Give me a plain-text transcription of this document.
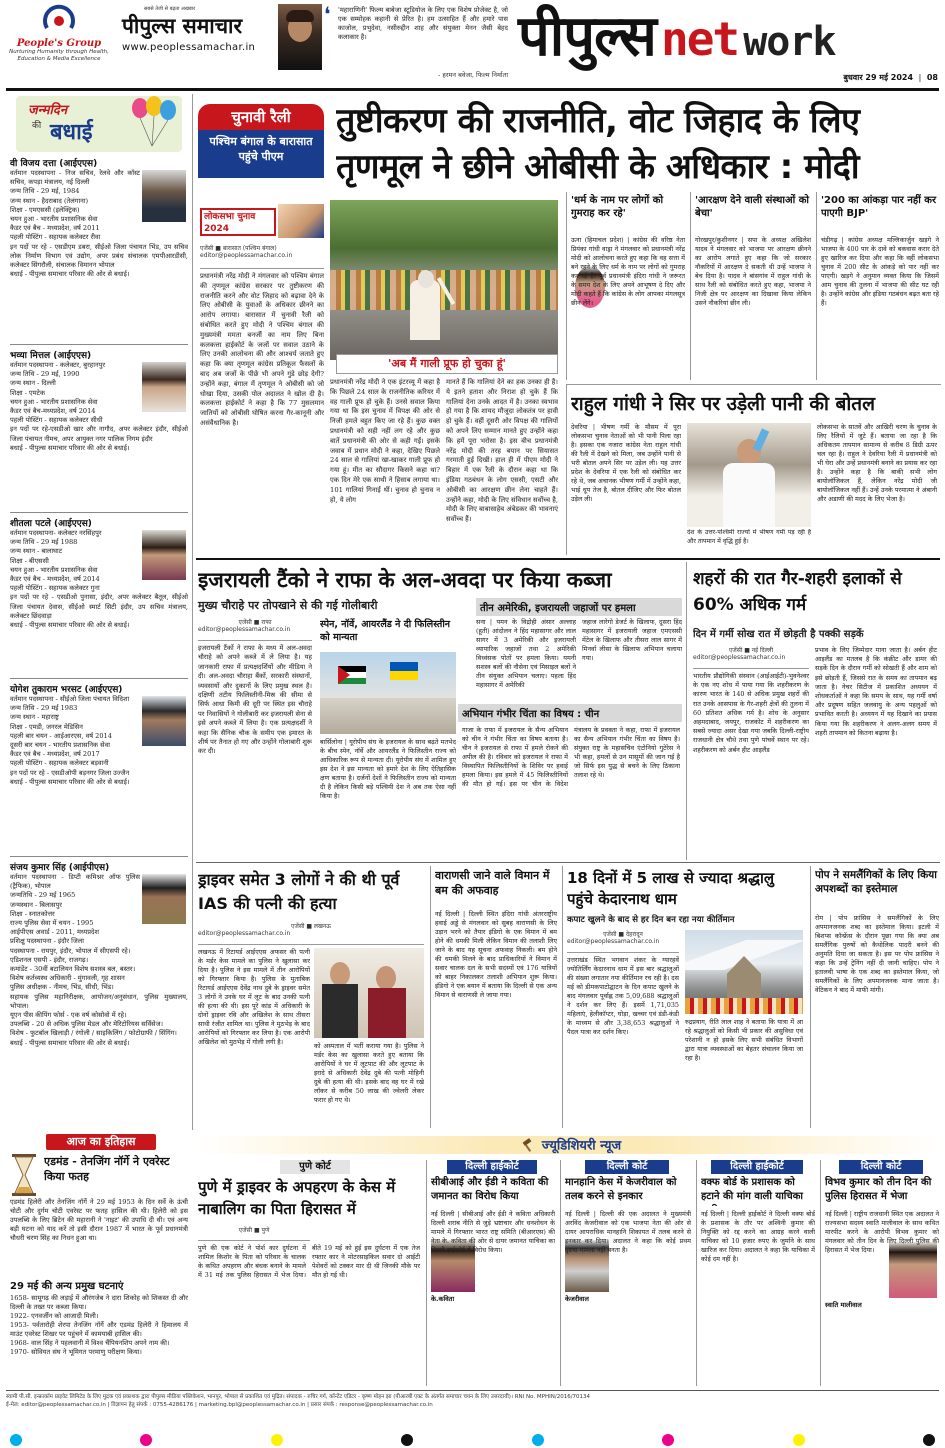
People's Group
Nurturing Humanity through Health, Education & Media Excellence
सबसे तेजी से बढ़ता अखबार
पीपुल्स समाचार
www.peoplessamachar.in
❛ 'महाराणिनी' फिल्म बाबेजा स्टूडियोज के लिए एक विशेष प्रोजेक्ट है, जो एक सम्मोहक कहानी से प्रेरित है। हम उत्साहित हैं और हमारे पास काजोल, प्रभुदेवा, नसीरुद्दीन शाह और संयुक्ता मेनन जैसी बेहद कलाकार है।
- हरमन बवेजा, फिल्म निर्माता
पीपुल्स net work
बुधवार 29 मई 2024 | 08
जन्मदिन
की बधाई
वी विजय दत्ता (आईएएस)
वर्तमान पदस्थापना - निज सचिव, रेलवे और कॉस्ट सचिव, कपड़ा मंत्रालय, नई दिल्ली
जन्म तिथि - 29 मई, 1984
जन्म स्थान - हैदराबाद (तेलंगाना)
शिक्षा - एमएससी (इलेक्ट्रिक)
चयन हुआ - भारतीय प्रशासनिक सेवा
कैडर एवं बैच - मध्यप्रदेश, वर्ष 2011
पहली पोस्टिंग - सहायक कलेक्टर रीवा
इन पदों पर रहे - एसडीएम डबरा, सीईओ जिला पंचायत भिंड, उप सचिव लोक निर्माण विभाग एवं उद्योग, अपर प्रबंध संचालक एमपीआरडीसी, कलेक्टर सिंगरौली, संचालक विमानन भोपाल
बधाई - पीपुल्स समाचार परिवार की ओर से बधाई।
भव्या मित्तल (आईएएस)
वर्तमान पदस्थापना - कलेक्टर, बुरहानपुर
जन्म तिथि - 29 मई, 1990
जन्म स्थान - दिल्ली
शिक्षा - एमटेक
चयन हुआ - भारतीय प्रशासनिक सेवा
कैडर एवं बैच-मध्यप्रदेश, वर्ष 2014
पहली पोस्टिंग - सहायक कलेक्टर सीधी
इन पदों पर रहे-एसडीओ खार और नागौद, अपर कलेक्टर इंदौर, सीईओ जिला पंचायत नीमच, अपर आयुक्त नगर पालिक निगम इंदौर
बधाई - पीपुल्स समाचार परिवार की ओर से बधाई।
शीतला पटले (आईएएस)
वर्तमान पदस्थापना- कलेक्टर नरसिंहपुर
जन्म तिथि - 29 मई 1988
जन्म स्थान - बालाघाट
शिक्षा - बीएससी
चयन हुआ - भारतीय प्रशासनिक सेवा
कैडर एवं बैच - मध्यप्रदेश, वर्ष 2014
पहली पोस्टिंग - सहायक कलेक्टर गुना
इन पदों पर रहे - एसडीओ पुनासा, इंदौर, अपर कलेक्टर बैतूल, सीईओ जिला पंचायत देवास, सीईओ स्मार्ट सिटी इंदौर, उप सचिव मंत्रालय, कलेक्टर छिंदवाड़ा
बधाई - पीपुल्स समाचार परिवार की ओर से बधाई।
योगेश तुकाराम भरसट (आईएएस)
वर्तमान पदस्थापना - सीईओ जिला पंचायत विदिशा
जन्म तिथि - 29 मई 1983
जन्म स्थान - महाराष्ट्र
शिक्षा - एमडी, जनरल मेडिसिन
पहली बार चयन - आईआरएस, वर्ष 2014
दूसरी बार चयन - भारतीय प्रशासनिक सेवा
कैडर एवं बैच - मध्यप्रदेश, वर्ष 2017
पहली पोस्टिंग - सहायक कलेक्टर बड़वानी
इन पदों पर रहे - एसडीओपी बड़नगर जिला उज्जैन
बधाई - पीपुल्स समाचार परिवार की ओर से बधाई।
संजय कुमार सिंह (आईपीएस)
वर्तमान पदस्थापना - डिप्टी कमिश्नर ऑफ पुलिस (ट्रैफिक), भोपाल
जन्मतिथि - 29 मई 1965
जन्मस्थान - बिलासपुर
शिक्षा - स्नातकोत्तर
राज्य पुलिस सेवा में चयन - 1995
आईपीएस अवार्ड - 2011, मध्यप्रदेश
प्रशिक्षु पदस्थापना - इंदौर जिला
पदस्थापना - रायपुर, इंदौर, भोपाल में सीएसपी रहे।
एडिशनल एसपी - इंदौर, राजगढ़।
कमांडेंट - 30वीं बटालियन विशेष सशस्त्र बल, बस्तर।
विशेष कर्तव्यस्थ अधिकारी - मुंगावली, गृह शासन
पुलिस अधीक्षक - नीमच, भिंड, सीधी, भिंड।
सहायक पुलिस महानिरीक्षक, आयोजन/अनुसंधान, पुलिस मुख्यालय, भोपाल।
यूएन पीस कीपिंग फोर्स - एक वर्ष कोसोवो में रहे।
उपलब्धि - 20 से अधिक पुलिस मेडल और मेरिटोरियस सर्विसेज।
विशेष - फुटबॉल खिलाड़ी / रंगोली / साइकिलिंग / फोटोग्राफी / सिंगिंग।
बधाई - पीपुल्स समाचार परिवार की ओर से बधाई।
आज का इतिहास
एडमंड - तेनजिंग नॉर्गे ने एवरेस्ट किया फतह
एडमंड हिलेरी और तेनजिंग नॉर्गे ने 29 मई 1953 के दिन सर्वे के ऊंची चोटी और दुर्गम चोटी एवरेस्ट पर फतह हासिल की थी। हिलेरी को इस उपलब्धि के लिए ब्रिटेन की महारानी ने 'नाइट' की उपाधि दी थी। एवं अन्य बड़ी घटना को याद करें तो इसी दौरान 1987 में भारत के पूर्व प्रधानमंत्री चौधरी चरण सिंह का निधन हुआ था।
29 मई की अन्य प्रमुख घटनाएं
1658- सामूगढ़ की लड़ाई में औरंगजेब ने दारा शिकोह को शिकस्त दी और दिल्ली के तख्त पर कब्जा किया।
1922- एनवर्जीन को आजादी मिली।
1953- पर्वतारोही शेरपा तेनजिंग नॉर्गे और एडमंड हिलेरी ने हिमालय में माउंट एवरेस्ट शिखर पर पहुंचने में कामयाबी हासिल की।
1968- वाल सिंह ने पहलवानी में विश्व चैंपियनशिप अपने नाम की।
1970- सोवियत संघ ने भूमिगत परमाणु परीक्षण किया।
चुनावी रैली
पश्चिम बंगाल के बारासात पहुंचे पीएम
लोकसभा चुनाव 2024
तुष्टीकरण की राजनीति, वोट जिहाद के लिए तृणमूल ने छीने ओबीसी के अधिकार : मोदी
एजेंसी ■ बारासात (पश्चिम बंगाल)
editor@peoplessamachar.co.in
प्रधानमंत्री नरेंद्र मोदी ने मंगलवार को पश्चिम बंगाल की तृणमूल कांग्रेस सरकार पर तुष्टीकरण की राजनीति करने और वोट जिहाद को बढ़ावा देने के लिए ओबीसी के युवाओं के अधिकार छीनने का आरोप लगाया। बारासात में चुनावी रैली को संबोधित करते हुए मोदी ने पश्चिम बंगाल की मुख्यमंत्री ममता बनर्जी का नाम लिए बिना कलकत्ता हाईकोर्ट के जजों पर सवाल उठाने के लिए उनकी आलोचना की और आश्चर्य जताते हुए कहा कि क्या तृणमूल कांग्रेस प्रतिकूल फैसलों के बाद अब जजों के पीछे भी अपने गुंडे छोड़ देगी? उन्होंने कहा, बंगाल में तृणमूल ने ओबीसी को जो धोखा दिया, उसकी पोल अदालत ने खोल दी है। कलकत्ता हाईकोर्ट ने कहा है कि 77 मुसलमान जातियों को ओबीसी घोषित करना गैर-कानूनी और असंवैधानिक है।
'अब मैं गाली प्रूफ हो चुका हूं'
प्रधानमंत्री नरेंद्र मोदी ने एक इंटरव्यू में कहा है कि पिछले 24 साल के राजनीतिक करियर में वह गाली प्रूफ हो चुके हैं। उनसे सवाल किया गया था कि इस चुनाव में विपक्ष की ओर से निजी हमले बहुत किए जा रहे हैं। कुछ वक्त प्रधानमंत्री को सही नहीं लग रहे और कुछ बातें प्रधानमंत्री की ओर से कही गईं। इसके जवाब में प्रधान मोदी ने कहा, देखिए पिछले 24 साल से गालियां खा-खाकर गाली प्रूफ हो गया हूं। मीत का सौदागर किसने कहा था? एक दिन मेरे एक साथी ने हिसाब लगाया था। 101 गालियां गिनाई थीं। चुनाव हो चुनाव न हो, ये लोग
मानते हैं कि गालियां देने का हक उनका ही है। ये इतने हताश और निराश हो चुके हैं कि गालियां देना उनके आदत में है। उनका स्वभाव हो गया है कि शायद मौजूदा लोकतंत्र पर हावी हो चुके हैं। वहीं दूसरी ओर विपक्ष की गालियों को अपने लिए सम्मान मानते हुए उन्होंने कहा कि हमें पूरा भरोसा है। इस बीच प्रधानमंत्री नरेंद्र मोदी की तरह बयान पर सियासत गरमाती हुई दिखी। हाल ही में पीएम मोदी ने बिहार में एक रैली के दौरान कहा था कि इंडिया गठबंधन के लोग एससी, एसटी और ओबीसी का आरक्षण छीन लेना चाहते हैं। उन्होंने कहा, मोदी के लिए संविधान सर्वोच्च है, मोदी के लिए बाबासाहेब अंबेडकर की भावनाएं सर्वोच्च हैं।
'धर्म के नाम पर लोगों को गुमराह कर रहे'
ऊना (हिमाचल प्रदेश) | कांग्रेस की वरिष्ठ नेता प्रियंका गांधी वाड्रा ने मंगलवार को प्रधानमंत्री नरेंद्र मोदी को आलोचना करते हुए कहा कि वह सत्ता में बने रहने के लिए धर्म के नाम पर लोगों को गुमराह कर रहे हैं। पूर्व प्रधानमंत्री इंदिरा गांधी ने जरूरत के समय देश के लिए अपने आभूषण दे दिए और मोदी कहते हैं कि कांग्रेस के लोग आपका मंगलसूत्र छीन लेंगे।
'आरक्षण देने वाली संस्थाओं को बेचा'
गोरखपुर/कुशीनगर | सपा के अध्यक्ष अखिलेश यादव ने मंगलवार को भाजपा पर आरक्षण छीनने का आरोप लगाते हुए कहा कि जो सरकार नौकरियों में आरक्षण दे सकती थी उन्हें भाजपा ने बेच दिया है। यादव ने बांसगांव में राहुल गांधी के साथ रैली को संबोधित करते हुए कहा, भाजपा ने निजी क्षेत्र पर आरक्षण का दिखावा किया लेकिन उसने नौकरियां छीन ली।
'200 का आंकड़ा पार नहीं कर पाएगी BJP'
चंडीगढ़ | कांग्रेस अध्यक्ष मल्लिकार्जुन खड़गे ने भाजपा के 400 पार के दावे को बकवास करार देते हुए खारिज कर दिया और कहा कि वहीं लोकसभा चुनाव में 200 सीट के आंकड़े को पार नहीं कर पाएगी। खड़गे ने अनुमान व्यक्त किया कि जिसमें आम चुनाव की तुलना में भाजपा की सीट घट रही है। उन्होंने कांग्रेस और इंडिया गठबंधन बढ़त बता रहे हैं।
राहुल गांधी ने सिर पर उड़ेली पानी की बोतल
देवरिया | भीषण गर्मी के मौसम में पूरा लोकसभा चुनाव नेताओं को भी पानी पिला रहा है। इसका एक नजारा कांग्रेस नेता राहुल गांधी की रैली में देखने को मिला, जब उन्होंने पानी से भरी बोतल अपने सिर पर उड़ेल ली। यह उत्तर प्रदेश के देवरिया में एक रैली को संबोधित कर रहे थे, जब अचानक भीषण गर्मी में उन्होंने कहा, भाई धूप तेज है, बोतल दीजिए और फिर बोतल उड़ेल ली।
देश के उत्तर-पश्चिमी राज्यों में भीषण गर्मी पड़ रही है और तापमान में वृद्धि हुई है।
लोकसभा के सातवें और आखिरी चरण के चुनाव के लिए रैलियों में जुटे हैं। बताया जा रहा है कि अधिकतम तापमान सामान्य से करीब 8 डिग्री ऊपर चल रहा है। राहुल ने देवरिया रैली में प्रधानमंत्री को भी घेरा और उन्हें प्रधानमंत्री बनाने का प्रयास कर रहा है। उन्होंने कहा है कि बाकी सभी लोग बायोलॉजिकल हैं, लेकिन नरेंद्र मोदी जी बायोलॉजिकल नहीं हैं। उन्हें उनके परमात्मा ने अंबानी और अडाणी की मदद के लिए भेजा है।
इजरायली टैंको ने राफा के अल-अवदा पर किया कब्जा
मुख्य चौराहे पर तोपखाने से की गई गोलीबारी
एजेंसी ■ राफा
editor@peoplessamachar.co.in
इजरायली टैंकों ने राफा के मध्य में अल-अवदा चौराहे को अपने कब्जे में ले लिया है। यह जानकारी राफा में प्रत्यक्षदर्शियों और मीडिया ने दी। अल-अवदा चौराहा बैंकों, सरकारी संस्थानों, व्यवसायों और दुकानों के लिए प्रमुख स्थल है। दक्षिणी तटीय फिलिस्तीनी-मिस्र की सीमा से सिर्फ आधा किमी की दूरी पर स्थित इस चौराहे पर निवासियों ने गोलीबारी कर इजरायली सेना से इसे अपने कब्जे में लिया है। एक प्रत्यक्षदर्शी ने कहा कि सैनिक चौक के समीप एक इमारत के शीर्ष पर तैनात हो गए और उन्होंने गोलाबारी शुरू कर दी।
स्पेन, नॉर्वे, आयरलैंड ने दी फिलिस्तीन को मान्यता
बार्सिलोना | यूरोपीय संघ के इजरायल के साथ बढ़ते मतभेद के बीच स्पेन, नॉर्वे और आयरलैंड ने फिलिस्तीन राज्य को आधिकारिक रूप से मान्यता दी। यूरोपीय संघ में शामिल हुए इस देश ने इस मान्यता को हमारे देश के लिए ऐतिहासिक क्षण बताया है। दर्जनों देशों ने फिलिस्तीन राज्य को मान्यता दी है लेकिन किसी बड़े पश्चिमी देश ने अब तक ऐसा नहीं किया है।
तीन अमेरिकी, इजरायली जहाजों पर हमला
सना | यमन के विद्रोही अंसार अल्लाह (हूती) आंदोलन ने हिंद महासागर और लाल सागर में 3 अमेरिकी और इजरायली व्यापारिक जहाजों तथा 2 अमेरिकी विध्वंसक पोतों पर हमला किया। यमनी सशस्त्र बलों की नौसेना एवं मिसाइल बलों ने तीन संयुक्त अभियान चलाए। पहला हिंद महासागर में अमेरिकी
जहाज लारेगो डेजर्ट के खिलाफ, दूसरा हिंद महासागर में इजरायली जहाज एमएससी मेंटेल के खिलाफ और तीसरा लाल सागर में मिनर्वा लीसा के खिलाफ अभियान चलाया गया।
अभियान गंभीर चिंता का विषय : चीन
गाजा के राफा में इजरायल के सैन्य अभियान को चीन ने गंभीर चिंता का विषय बताया है। चीन ने इजरायल से राफा में हमले रोकने की अपील की है। रविवार को इजरायल ने राफा में विस्थापित फिलिस्तीनियों के शिविर पर हवाई हमला किया। इस हमले में 45 फिलिस्तीनियों की मौत हो गई। इस पर चीन के विदेश मंत्रालय के प्रवक्ता ने कहा, राफा में इजरायल का सैन्य अभियान गंभीर चिंता का विषय है। संयुक्त राष्ट्र के महासचिव एंटोनियो गुटेरेस ने भी कहा, हमलों से उन मासूमों की जान गई है जो सिर्फ इस युद्ध से बचने के लिए ठिकाना तलाश रहे थे।
शहरों की रात गैर-शहरी इलाकों से 60% अधिक गर्म
दिन में गर्मी सोख रात में छोड़ती है पक्की सड़कें
एजेंसी ■ नई दिल्ली
editor@peoplessamachar.co.in
भारतीय प्रौद्योगिकी संस्थान (आईआईटी)-भुवनेश्वर के एक नए शोध में पाया गया कि शहरीकरण के कारण भारत के 140 से अधिक प्रमुख शहरों की रात उनके आसपास के गैर-शहरी क्षेत्रों की तुलना में 60 प्रतिशत अधिक गर्म है। शोध के अनुसार अहमदाबाद, जयपुर, राजकोट में शहरीकरण का सबसे ज्यादा असर देखा गया जबकि दिल्ली-राष्ट्रीय राजधानी क्षेत्र चौथे तथा पुणे पांचवें स्थान पर रहे। शहरीकरण को अर्बन हीट आइलैंड
प्रभाव के लिए जिम्मेदार माना जाता है। अर्बन हीट आइलैंड का मतलब है कि कंक्रीट और डामर की सड़कें दिन के दौरान गर्मी को सोखती हैं और शाम को इसे छोड़ती हैं, जिससे रात के समय का तापमान बढ़ जाता है। नेचर सिटीज में प्रकाशित अध्ययन में शोधकर्ताओं ने कहा कि समय के साथ, यह गर्मी वर्षा और प्रदूषण सहित जलवायु के अन्य पहलुओं को प्रभावित करती है। अध्ययन में यह दिखाने का प्रयास किया गया कि शहरीकरण ने अलग-अलग समय में शहरी तापमान को कितना बढ़ाया है।
ड्राइवर समेत 3 लोगों ने की थी पूर्व IAS की पत्नी की हत्या
एजेंसी ■ लखनऊ
editor@peoplessamachar.co.in
लखनऊ में रिटायर्ड आईएएस अफसर की पत्नी के मर्डर केस मामले का पुलिस ने खुलासा कर दिया है। पुलिस ने इस मामले में तीन आरोपियों को गिरफ्तार किया है। पुलिस के मुताबिक रिटायर्ड आईएएस देवेंद्र नाथ दुबे के ड्राइवर समेत 3 लोगों ने उनके घर में लूट के बाद उनकी पत्नी की हत्या की थी। इस पूरे कांड में अधिकारी के दोनों ड्राइवर रवि और अखिलेश के साथ तीसरा साथी रंजीत शामिल था। पुलिस ने मुठभेड़ के बाद आरोपियों को गिरफ्तार कर लिया है। एक आरोपी अखिलेश को मुठभेड़ में गोली लगी है।	को अस्पताल में भर्ती कराया गया है। पुलिस ने मर्डर केस का खुलासा करते हुए बताया कि आरोपियों ने घर में लूटपाट की और लूटपाट के इरादे से अधिकारी देवेंद्र दुबे की पत्नी मोहिनी दुबे की हत्या की थी। इसके बाद वह घर में रखे लॉकर से करीब 50 लाख की ज्वेलरी लेकर फरार हो गए थे।
वाराणसी जाने वाले विमान में बम की अफवाह
नई दिल्ली | दिल्ली स्थित इंदिरा गांधी अंतरराष्ट्रीय हवाई अड्डे से मंगलवार को सुबह वाराणसी के लिए उड़ान भरने को तैयार इंडिगो के एक विमान में बम होने की धमकी मिली लेकिन विमान की तलाशी लिए जाने के बाद यह सूचना अफवाह निकली। बम होने की धमकी मिलने के बाद प्राधिकारियों ने विमान में सवार चालक दल के सभी सदस्यों एवं 176 यात्रियों को बाहर निकालकर तलाशी अभियान शुरू किया। इंडिगो ने एक बयान में बताया कि दिल्ली से एक अन्य विमान से वाराणसी ले जाया गया।
18 दिनों में 5 लाख से ज्यादा श्रद्धालु पहुंचे केदारनाथ धाम
कपाट खुलने के बाद से हर दिन बन रहा नया कीर्तिमान
एजेंसी ■ देहरादून
editor@peoplessamachar.co.in
उत्तराखंड स्थित भगवान शंकर के ग्यारहवें ज्योतिर्लिंग केदारनाथ धाम में इस बार श्रद्धालुओं की संख्या लगातार नया कीर्तिमान रच रही है। दस मई को डीमकपाटोद्घाटन के दिन कपाट खुलने के बाद मंगलवार पूर्वाह्न तक 5,09,688 श्रद्धालुओं ने दर्शन कर लिए हैं। इसमें 1,71,035 महिलाएं, हेलीकॉप्टर, घोड़ा, खच्चर एवं डंडी-कंडी के माध्यम से और 3,38,653 श्रद्धालुओं ने पैदल यात्रा कर दर्शन किए।
रुद्रप्रयाग, रीति लाल शाह ने बताया कि यात्रा में आ रहे श्रद्धालुओं को किसी भी प्रकार की असुविधा एवं परेशानी न हो इसके लिए सभी संबंधित विभागों द्वारा यात्रा व्यवस्थाओं का बेहतर संचालन किया जा रहा है।
पोप ने समलैंगिकों के लिए किया अपशब्दों का इस्तेमाल
रोम | पोप फ्रांसिस ने समलैंगिकों के लिए अपमानजनक शब्द का इस्तेमाल किया। इटली में बिशप्स कॉन्फ्रेंस के दौरान पूछा गया कि क्या अब समलैंगिक पुरुषों को कैथोलिक पादरी बनने की अनुमति दिया जा सकता है। इस पर पोप फ्रांसिस ने कहा कि उन्हें ट्रेनिंग नहीं दी जानी चाहिए। पोप ने इतालवी भाषा के एक शब्द का इस्तेमाल किया, जो समलैंगिकों के लिए अपमानजनक माना जाता है। वेटिकन ने बाद में माफी मांगी।
ज्यूडिशियरी न्यूज
पुणे कोर्ट
पुणे में ड्राइवर के अपहरण के केस में नाबालिग का पिता हिरासत में
एजेंसी ■ पुणे
पुणे की एक कोर्ट ने पोर्श कार दुर्घटना में शामिल किशोर के पिता को परिवार के चालक के कथित अपहरण और बंधक बनाने के मामले में 31 मई तक पुलिस हिरासत में भेज दिया। बीते 19 मई को हुई इस दुर्घटना में एक तेज रफ्तार कार ने मोटरसाइकिल सवार दो आईटी पेशेवरों को टक्कर मार दी थी जिनकी मौके पर मौत हो गई थी।
दिल्ली हाईकोर्ट
सीबीआई और ईडी ने कविता की जमानत का विरोध किया
के.कविता
नई दिल्ली | सीबीआई और ईडी ने कविता अधिकारी दिल्ली शराब नीति से जुड़े भ्रष्टाचार और धनशोधन के मामले में गिरफ्तार भारत राष्ट्र समिति (बीआरएस) की नेता के. कविता की ओर से दायर जमानत याचिका का दिल्ली हाईकोर्ट में विरोध किया।
दिल्ली कोर्ट
मानहानि केस में केजरीवाल को तलब करने से इनकार
केजरीवाल
नई दिल्ली | दिल्ली की एक अदालत ने मुख्यमंत्री अरविंद केजरीवाल को एक भाजपा नेता की ओर से दायर आपराधिक मानहानि शिकायत में तलब करने से इनकार कर दिया। अदालत ने कहा कि कोई प्रथम दृष्टया मामला नहीं बनता है।
दिल्ली हाईकोर्ट
वक्फ बोर्ड के प्रशासक को हटाने की मांग वाली याचिका
नई दिल्ली | दिल्ली हाईकोर्ट ने दिल्ली वक्फ बोर्ड के प्रशासक के तौर पर अश्विनी कुमार की नियुक्ति को रद्द करने का आग्रह करने वाली याचिका को 10 हजार रुपए के जुर्माने के साथ खारिज कर दिया। अदालत ने कहा कि याचिका में कोई दम नहीं है।
दिल्ली कोर्ट
विभव कुमार को तीन दिन की पुलिस हिरासत में भेजा
स्वाति मालीवाल
नई दिल्ली | राष्ट्रीय राजधानी स्थित एक अदालत ने राज्यसभा सदस्य स्वाति मालीवाल के साथ कथित मारपीट करने के आरोपी विभव कुमार को मंगलवार को तीन दिन के लिए दिल्ली पुलिस की हिरासत में भेज दिया।
स्वामी पी.सी. इन्फ्राकॉम प्राइवेट लिमिटेड के लिए मुद्रक एवं प्रकाशक द्वारा पीपुल्स मीडिया पब्लिकेशन, भानपुर, भोपाल से प्रकाशित एवं मुद्रित। संपादक - रुचिर गर्ग, कॉन्टेंट एडिटर - कृष्ण मोहन झा (पीआरबी एक्ट के अंतर्गत समाचार चयन के लिए उत्तरदायी)। RNI No. MPHIN/2016/70134
ई-मेल: editor@peoplessamachar.co.in | विज्ञापन हेतु संपर्क : 0755-4286176 | marketing.bpl@peoplessamachar.co.in | प्रसार संपर्क : response@peoplessamachar.co.in
